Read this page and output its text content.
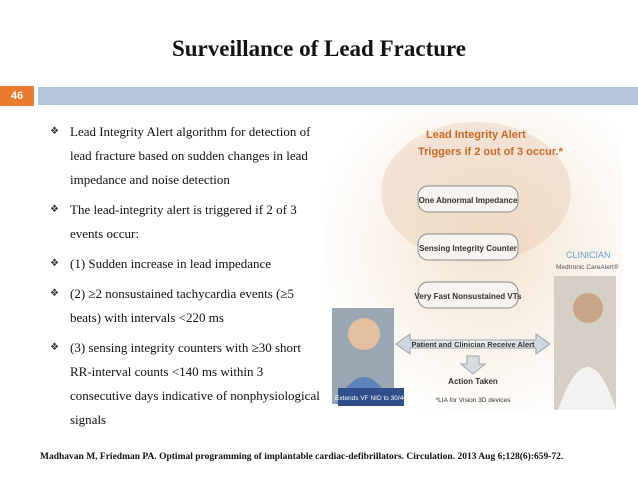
Surveillance of Lead Fracture
46
❖ Lead Integrity Alert algorithm for detection of lead fracture based on sudden changes in lead impedance and noise detection
❖ The lead-integrity alert is triggered if 2 of 3 events occur:
❖ (1) Sudden increase in lead impedance
❖ (2) ≥2 nonsustained tachycardia events (≥5 beats) with intervals <220 ms
❖ (3) sensing integrity counters with ≥30 short RR-interval counts <140 ms within 3 consecutive days indicative of nonphysiological signals
Lead Integrity Alert
Triggers if 2 out of 3 occur.*
One Abnormal Impedance
Sensing Integrity Counter
Very Fast Nonsustained VTs
CLINICIAN
Medtronic CareAlert®
Patient and Clinician Receive Alert
Action Taken
Extends VF NID to 30/40	*LIA for Vision 3D devices
Madhavan M, Friedman PA. Optimal programming of implantable cardiac-defibrillators. Circulation. 2013 Aug 6;128(6):659-72.
